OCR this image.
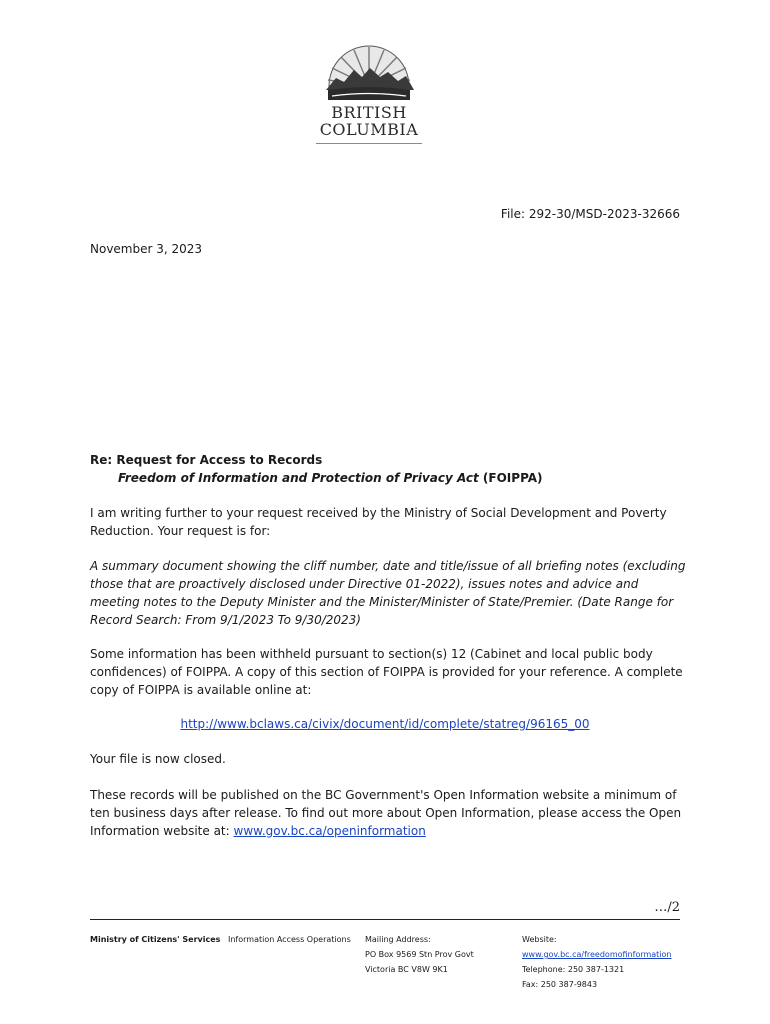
BRITISH
COLUMBIA
File: 292-30/MSD-2023-32666
November 3, 2023
Re: Request for Access to Records
Freedom of Information and Protection of Privacy Act (FOIPPA)
I am writing further to your request received by the Ministry of Social Development and Poverty Reduction. Your request is for:
A summary document showing the cliff number, date and title/issue of all briefing notes (excluding those that are proactively disclosed under Directive 01-2022), issues notes and advice and meeting notes to the Deputy Minister and the Minister/Minister of State/Premier. (Date Range for Record Search: From 9/1/2023 To 9/30/2023)
Some information has been withheld pursuant to section(s) 12 (Cabinet and local public body confidences) of FOIPPA. A copy of this section of FOIPPA is provided for your reference. A complete copy of FOIPPA is available online at:
http://www.bclaws.ca/civix/document/id/complete/statreg/96165_00
Your file is now closed.
These records will be published on the BC Government's Open Information website a minimum of ten business days after release. To find out more about Open Information, please access the Open Information website at: www.gov.bc.ca/openinformation
…/2
Ministry of Citizens' Services Information Access Operations Mailing Address:
PO Box 9569 Stn Prov Govt
Victoria BC V8W 9K1
Website:
www.gov.bc.ca/freedomofinformation
Telephone: 250 387-1321
Fax: 250 387-9843
